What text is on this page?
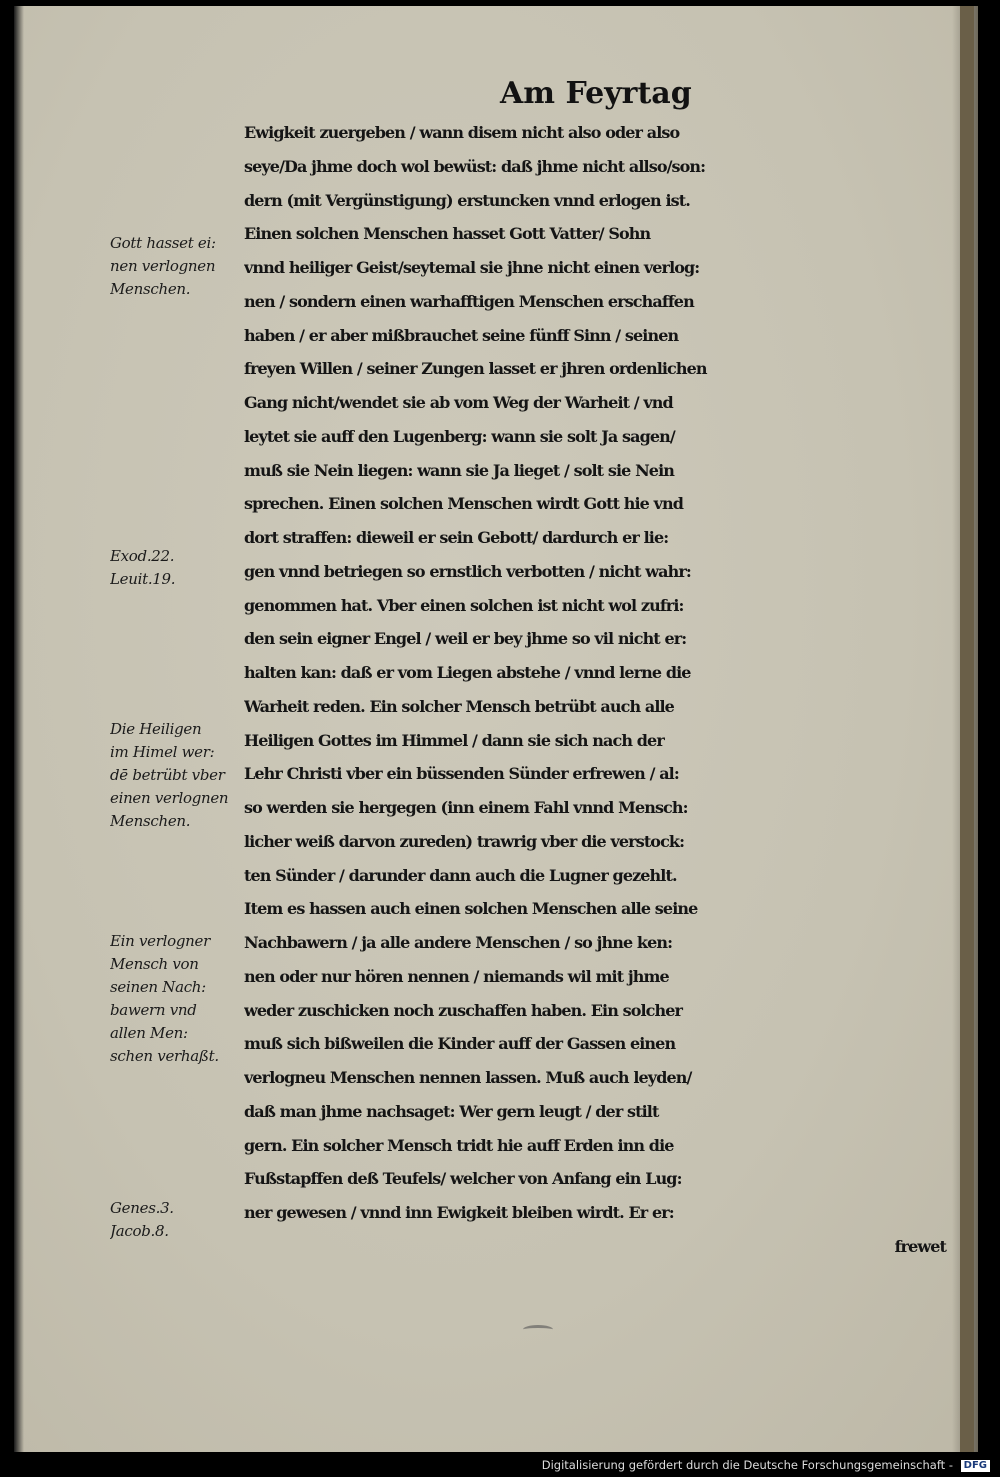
Am Feyrtag
Ewigkeit zuergeben / wann disem nicht also oder also
seye/Da jhme doch wol bewüst: daß jhme nicht allso/son:
dern (mit Vergünstigung) erstuncken vnnd erlogen ist.
Einen solchen Menschen hasset Gott Vatter/ Sohn
vnnd heiliger Geist/seytemal sie jhne nicht einen verlog:
nen / sondern einen warhafftigen Menschen erschaffen
haben / er aber mißbrauchet seine fünff Sinn / seinen
freyen Willen / seiner Zungen lasset er jhren ordenlichen
Gang nicht/wendet sie ab vom Weg der Warheit / vnd
leytet sie auff den Lugenberg: wann sie solt Ja sagen/
muß sie Nein liegen: wann sie Ja lieget / solt sie Nein
sprechen. Einen solchen Menschen wirdt Gott hie vnd
dort straffen: dieweil er sein Gebott/ dardurch er lie:
gen vnnd betriegen so ernstlich verbotten / nicht wahr:
genommen hat. Vber einen solchen ist nicht wol zufri:
den sein eigner Engel / weil er bey jhme so vil nicht er:
halten kan: daß er vom Liegen abstehe / vnnd lerne die
Warheit reden. Ein solcher Mensch betrübt auch alle
Heiligen Gottes im Himmel / dann sie sich nach der
Lehr Christi vber ein büssenden Sünder erfrewen / al:
so werden sie hergegen (inn einem Fahl vnnd Mensch:
licher weiß darvon zureden) trawrig vber die verstock:
ten Sünder / darunder dann auch die Lugner gezehlt.
Item es hassen auch einen solchen Menschen alle seine
Nachbawern / ja alle andere Menschen / so jhne ken:
nen oder nur hören nennen / niemands wil mit jhme
weder zuschicken noch zuschaffen haben. Ein solcher
muß sich bißweilen die Kinder auff der Gassen einen
verlogneu Menschen nennen lassen. Muß auch leyden/
daß man jhme nachsaget: Wer gern leugt / der stilt
gern. Ein solcher Mensch tridt hie auff Erden inn die
Fußstapffen deß Teufels/ welcher von Anfang ein Lug:
ner gewesen / vnnd inn Ewigkeit bleiben wirdt. Er er:
frewet
Gott hasset ei:
nen verlognen
Menschen.
Exod.22.
Leuit.19.
Die Heiligen
im Himel wer:
dē betrübt vber
einen verlognen
Menschen.
Ein verlogner
Mensch von
seinen Nach:
bawern vnd
allen Men:
schen verhaßt.
Genes.3.
Jacob.8.
Digitalisierung gefördert durch die Deutsche Forschungsgemeinschaft - DFG
